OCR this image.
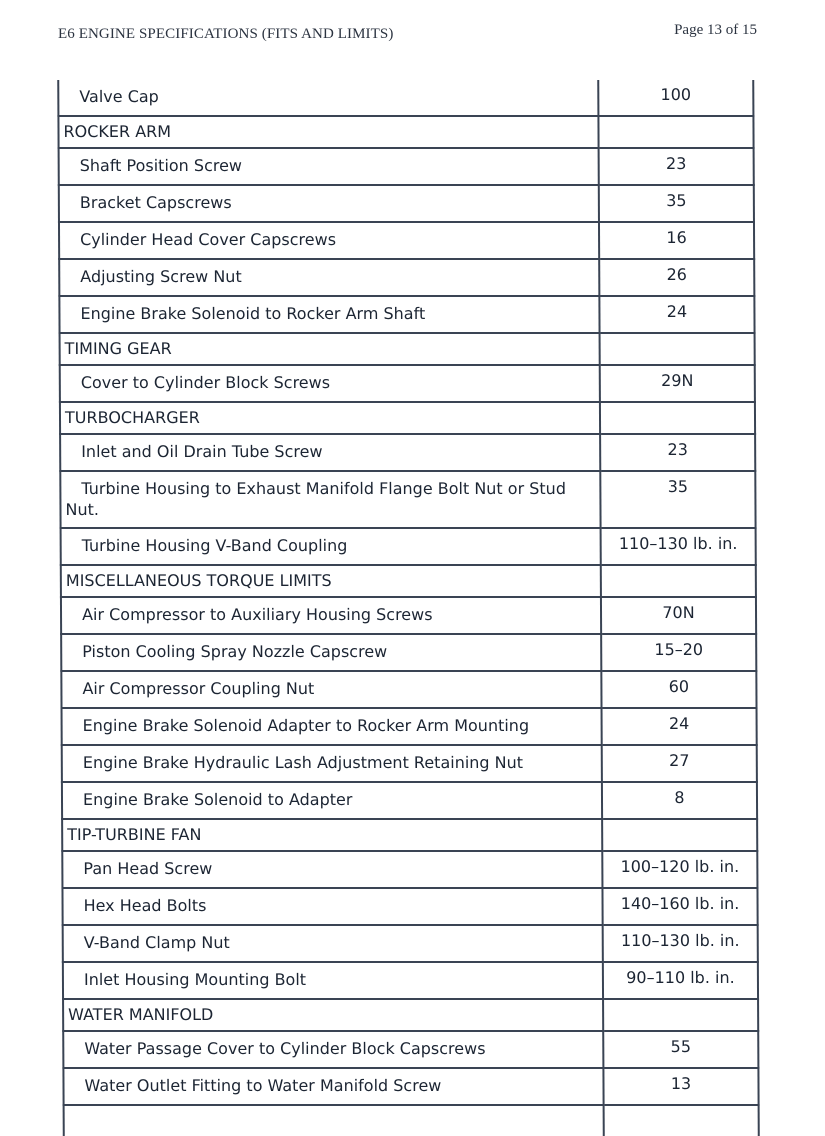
E6 ENGINE SPECIFICATIONS (FITS AND LIMITS)	Page 13 of 15
Valve Cap	100
ROCKER ARM	
Shaft Position Screw	23
Bracket Capscrews	35
Cylinder Head Cover Capscrews	16
Adjusting Screw Nut	26
Engine Brake Solenoid to Rocker Arm Shaft	24
TIMING GEAR	
Cover to Cylinder Block Screws	29N
TURBOCHARGER	
Inlet and Oil Drain Tube Screw	23
Turbine Housing to Exhaust Manifold Flange Bolt Nut or Stud Nut.	35
Turbine Housing V-Band Coupling	110–130 lb. in.
MISCELLANEOUS TORQUE LIMITS	
Air Compressor to Auxiliary Housing Screws	70N
Piston Cooling Spray Nozzle Capscrew	15–20
Air Compressor Coupling Nut	60
Engine Brake Solenoid Adapter to Rocker Arm Mounting	24
Engine Brake Hydraulic Lash Adjustment Retaining Nut	27
Engine Brake Solenoid to Adapter	8
TIP-TURBINE FAN	
Pan Head Screw	100–120 lb. in.
Hex Head Bolts	140–160 lb. in.
V-Band Clamp Nut	110–130 lb. in.
Inlet Housing Mounting Bolt	90–110 lb. in.
WATER MANIFOLD	
Water Passage Cover to Cylinder Block Capscrews	55
Water Outlet Fitting to Water Manifold Screw	13
